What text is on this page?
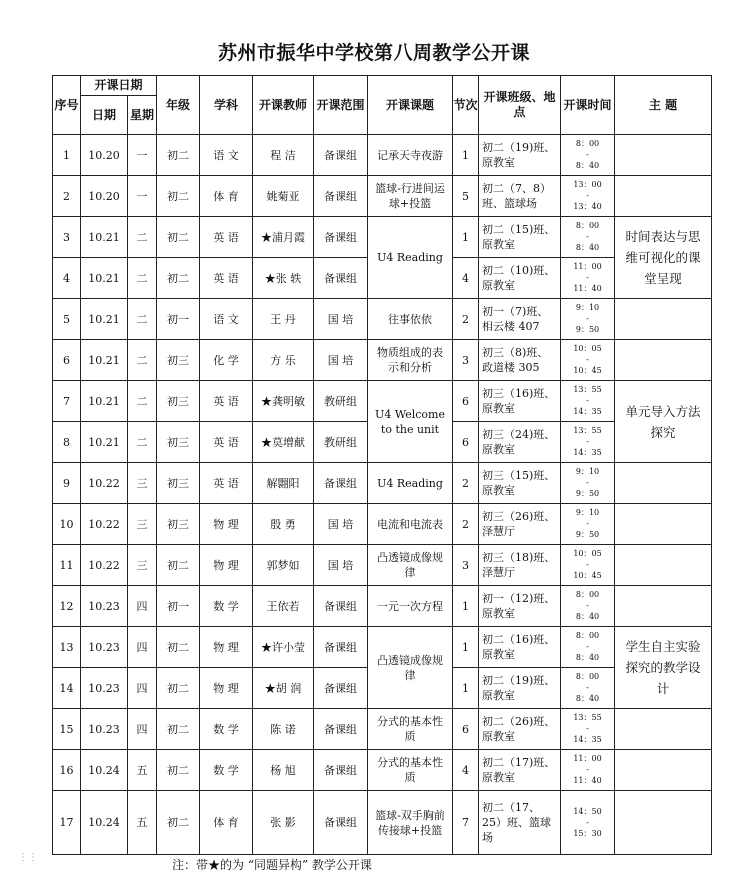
苏州市振华中学校第八周教学公开课
序号	开课日期		年级	学科	开课教师	开课范围	开课课题	节次	开课班级、地点	开课时间	主 题
	日期	星期									
1	10.20	一	初二	语 文	程 洁	备课组	记承天寺夜游	1	初二（19)班、原教室	8：00
-
8：40	

2	10.20	一	初二	体 育	姚菊亚	备课组	篮球-行进间运球+投篮	5	初二（7、8）班、篮球场	13：00
-
13：40	

3	10.21	二	初二	英 语	★浦月霞	备课组	U4 Reading	1	初二（15)班、原教室	8：00
-
8：40	时间表达与思维可视化的课堂呈现
4	10.21	二	初二	英 语	★张 轶	备课组		4	初二（10)班、原教室	11：00
-
11：40	

5	10.21	二	初一	语 文	王 丹	国 培	往事依依	2	初一（7)班、相云楼 407	9：10
-
9：50	

6	10.21	二	初三	化 学	方 乐	国 培	物质组成的表示和分析	3	初三（8)班、政道楼 305	10：05
-
10：45	

7	10.21	二	初三	英 语	★龚明敏	教研组	U4 Welcome to the unit	6	初三（16)班、原教室	13：55
-
14：35	单元导入方法探究
8	10.21	二	初三	英 语	★莫增献	教研组		6	初三（24)班、原教室	13：55
-
14：35	

9	10.22	三	初三	英 语	解翾阳	备课组	U4 Reading	2	初三（15)班、原教室	9：10
-
9：50	

10	10.22	三	初三	物 理	殷 勇	国 培	电流和电流表	2	初三（26)班、泽慧厅	9：10
-
9：50	

11	10.22	三	初二	物 理	郭梦如	国 培	凸透镜成像规律	3	初三（18)班、泽慧厅	10：05
-
10：45	

12	10.23	四	初一	数 学	王依若	备课组	一元一次方程	1	初一（12)班、原教室	8：00
-
8：40	

13	10.23	四	初二	物 理	★许小莹	备课组	凸透镜成像规律	1	初二（16)班、原教室	8：00
-
8：40	学生自主实验探究的教学设计
14	10.23	四	初二	物 理	★胡 润	备课组		1	初二（19)班、原教室	8：00
-
8：40	

15	10.23	四	初二	数 学	陈 诺	备课组	分式的基本性质	6	初二（26)班、原教室	13：55
-
14：35	

16	10.24	五	初二	数 学	杨 旭	备课组	分式的基本性质	4	初二（17)班、原教室	11：00
-
11：40	

17	10.24	五	初二	体 育	张 影	备课组	篮球-双手胸前传接球+投篮	7	初二（17、25）班、篮球场	14：50
-
15：30	

⋮⋮
注：带★的为 “同题异构” 教学公开课
